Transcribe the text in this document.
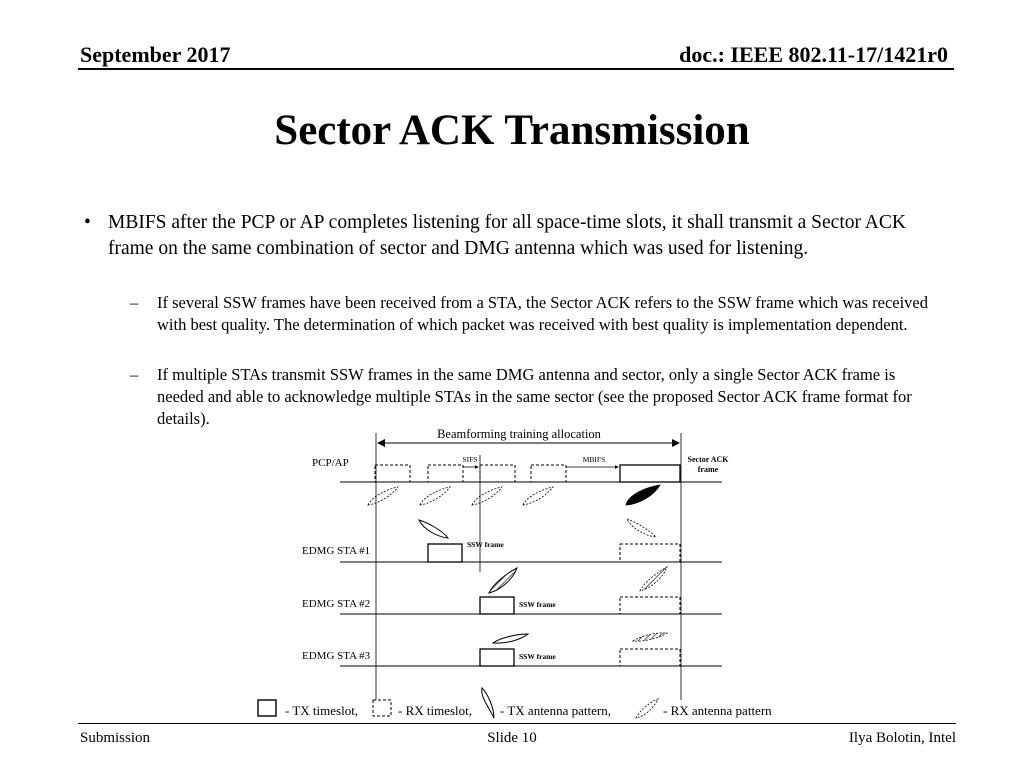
September 2017	doc.: IEEE 802.11-17/1421r0
Sector ACK Transmission
• MBIFS after the PCP or AP completes listening for all space-time slots, it shall transmit a Sector ACK frame on the same combination of sector and DMG antenna which was used for listening.
– If several SSW frames have been received from a STA, the Sector ACK refers to the SSW frame which was received with best quality. The determination of which packet was received with best quality is implementation dependent.
– If multiple STAs transmit SSW frames in the same DMG antenna and sector, only a single Sector ACK frame is needed and able to acknowledge multiple STAs in the same sector (see the proposed Sector ACK frame format for details).
Beamforming training allocation
SIFS	MBIFS	Sector ACK
frame
PCP/AP
EDMG STA #1
EDMG STA #2
EDMG STA #3
SSW frame
SSW frame
SSW frame
- TX timeslot,	- RX timeslot, - TX antenna pattern,	- RX antenna pattern
Submission	Slide 10	Ilya Bolotin, Intel
